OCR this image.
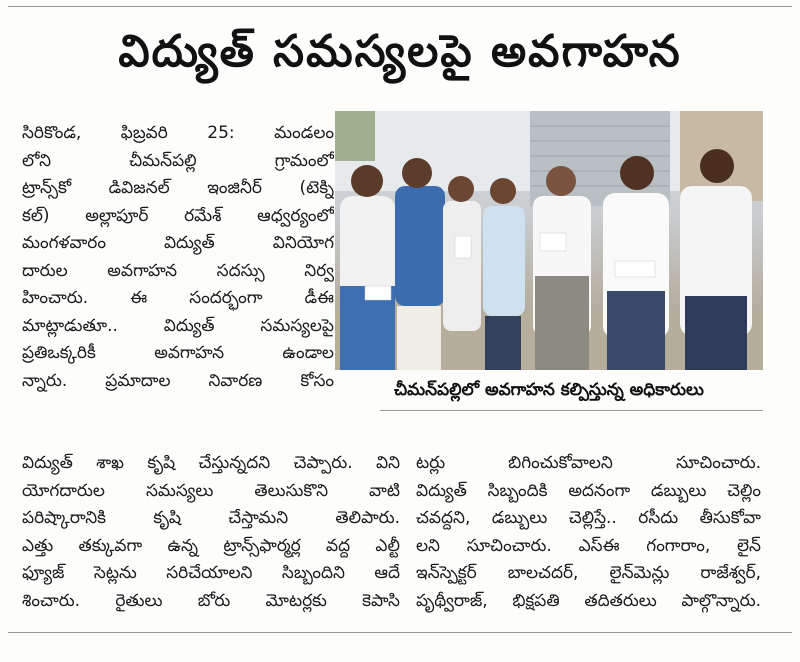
విద్యుత్ సమస్యలపై అవగాహన
సిరికొండ, ఫిబ్రవరి 25: మండలం
లోని చీమన్‌పల్లి గ్రామంలో
ట్రాన్స్‌కో డివిజనల్ ఇంజినీర్ (టెక్ని
కల్) అల్లాపూర్ రమేశ్ ఆధ్వర్యంలో
మంగళవారం విద్యుత్ వినియోగ
దారుల అవగాహన సదస్సు నిర్వ
హించారు. ఈ సందర్భంగా డీఈ
మాట్లాడుతూ.. విద్యుత్ సమస్యలపై
ప్రతిఒక్కరికీ అవగాహన ఉండాల
న్నారు. ప్రమాదాల నివారణ కోసం	చీమన్‌పల్లిలో అవగాహన కల్పిస్తున్న అధికారులు
విద్యుత్ శాఖ కృషి చేస్తున్నదని చెప్పారు. విని
యోగదారుల సమస్యలు తెలుసుకొని వాటి
పరిష్కారానికి కృషి చేస్తామని తెలిపారు.
ఎత్తు తక్కువగా ఉన్న ట్రాన్స్‌ఫార్మర్ల వద్ద ఎల్టీ
ఫ్యూజ్ సెట్లను సరిచేయాలని సిబ్బందిని ఆదే
శించారు. రైతులు బోరు మోటర్లకు కెపాసి
టర్లు బిగించుకోవాలని సూచించారు.
విద్యుత్ సిబ్బందికి అదనంగా డబ్బులు చెల్లిం
చవద్దని, డబ్బులు చెల్లిస్తే.. రసీదు తీసుకోవా
లని సూచించారు. ఎస్ఈ గంగారాం, లైన్
ఇన్‌స్పెక్టర్ బాలచదర్, లైన్‌మెన్లు రాజేశ్వర్,
పృథ్వీరాజ్, భిక్షపతి తదితరులు పాల్గొన్నారు.
